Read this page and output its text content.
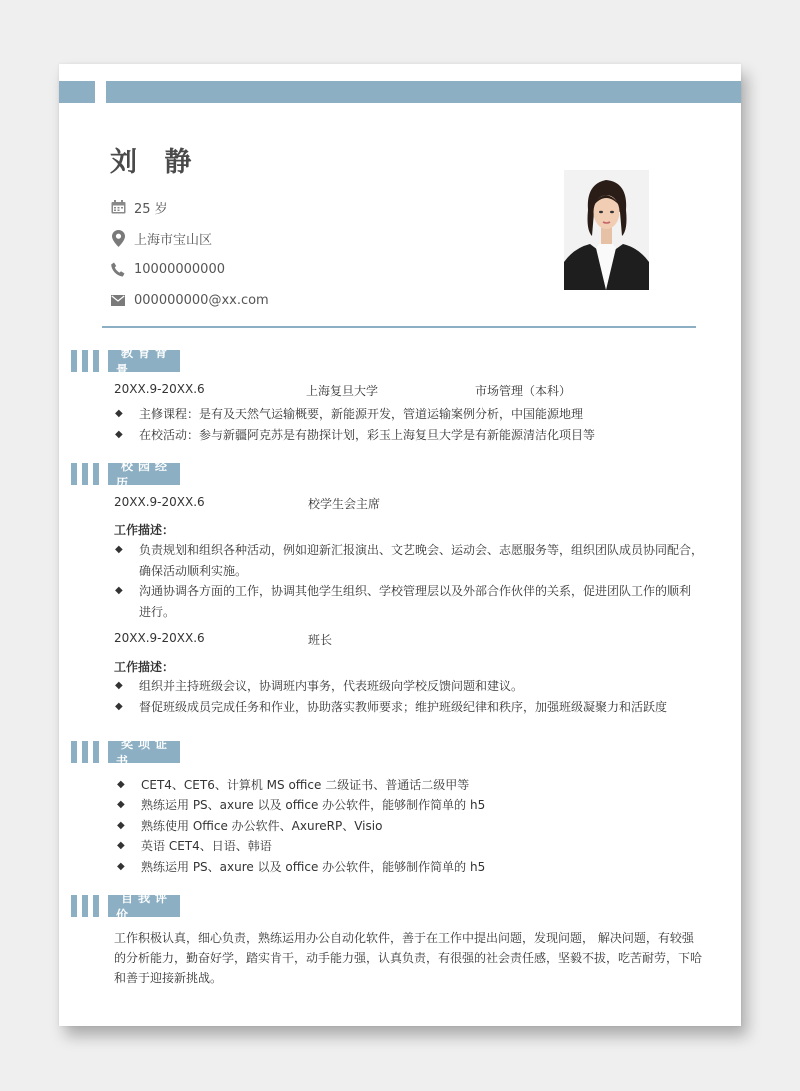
刘 静
25 岁
上海市宝山区
10000000000
000000000@xx.com
教育背景
20XX.9-20XX.6	上海复旦大学	市场管理（本科）
◆ 主修课程：是有及天然气运输概要，新能源开发，管道运输案例分析，中国能源地理
◆ 在校活动：参与新疆阿克苏是有勘探计划，彩玉上海复旦大学是有新能源清洁化项目等
校园经历
20XX.9-20XX.6	校学生会主席
工作描述：
◆ 负责规划和组织各种活动，例如迎新汇报演出、文艺晚会、运动会、志愿服务等，组织团队成员协同配合，
确保活动顺利实施。
◆ 沟通协调各方面的工作，协调其他学生组织、学校管理层以及外部合作伙伴的关系，促进团队工作的顺利
进行。
20XX.9-20XX.6	班长
工作描述：
◆ 组织并主持班级会议，协调班内事务，代表班级向学校反馈问题和建议。
◆ 督促班级成员完成任务和作业，协助落实教师要求；维护班级纪律和秩序，加强班级凝聚力和活跃度
奖项证书
◆ CET4、CET6、计算机 MS office 二级证书、普通话二级甲等
◆ 熟练运用 PS、axure 以及 office 办公软件，能够制作简单的 h5
◆ 熟练使用 Office 办公软件、AxureRP、Visio
◆ 英语 CET4、日语、韩语
◆ 熟练运用 PS、axure 以及 office 办公软件，能够制作简单的 h5
自我评价
工作积极认真，细心负责，熟练运用办公自动化软件，善于在工作中提出问题，发现问题， 解决问题，有较强
的分析能力，勤奋好学，踏实肯干，动手能力强，认真负责，有很强的社会责任感，坚毅不拔，吃苦耐劳，下哈
和善于迎接新挑战。
